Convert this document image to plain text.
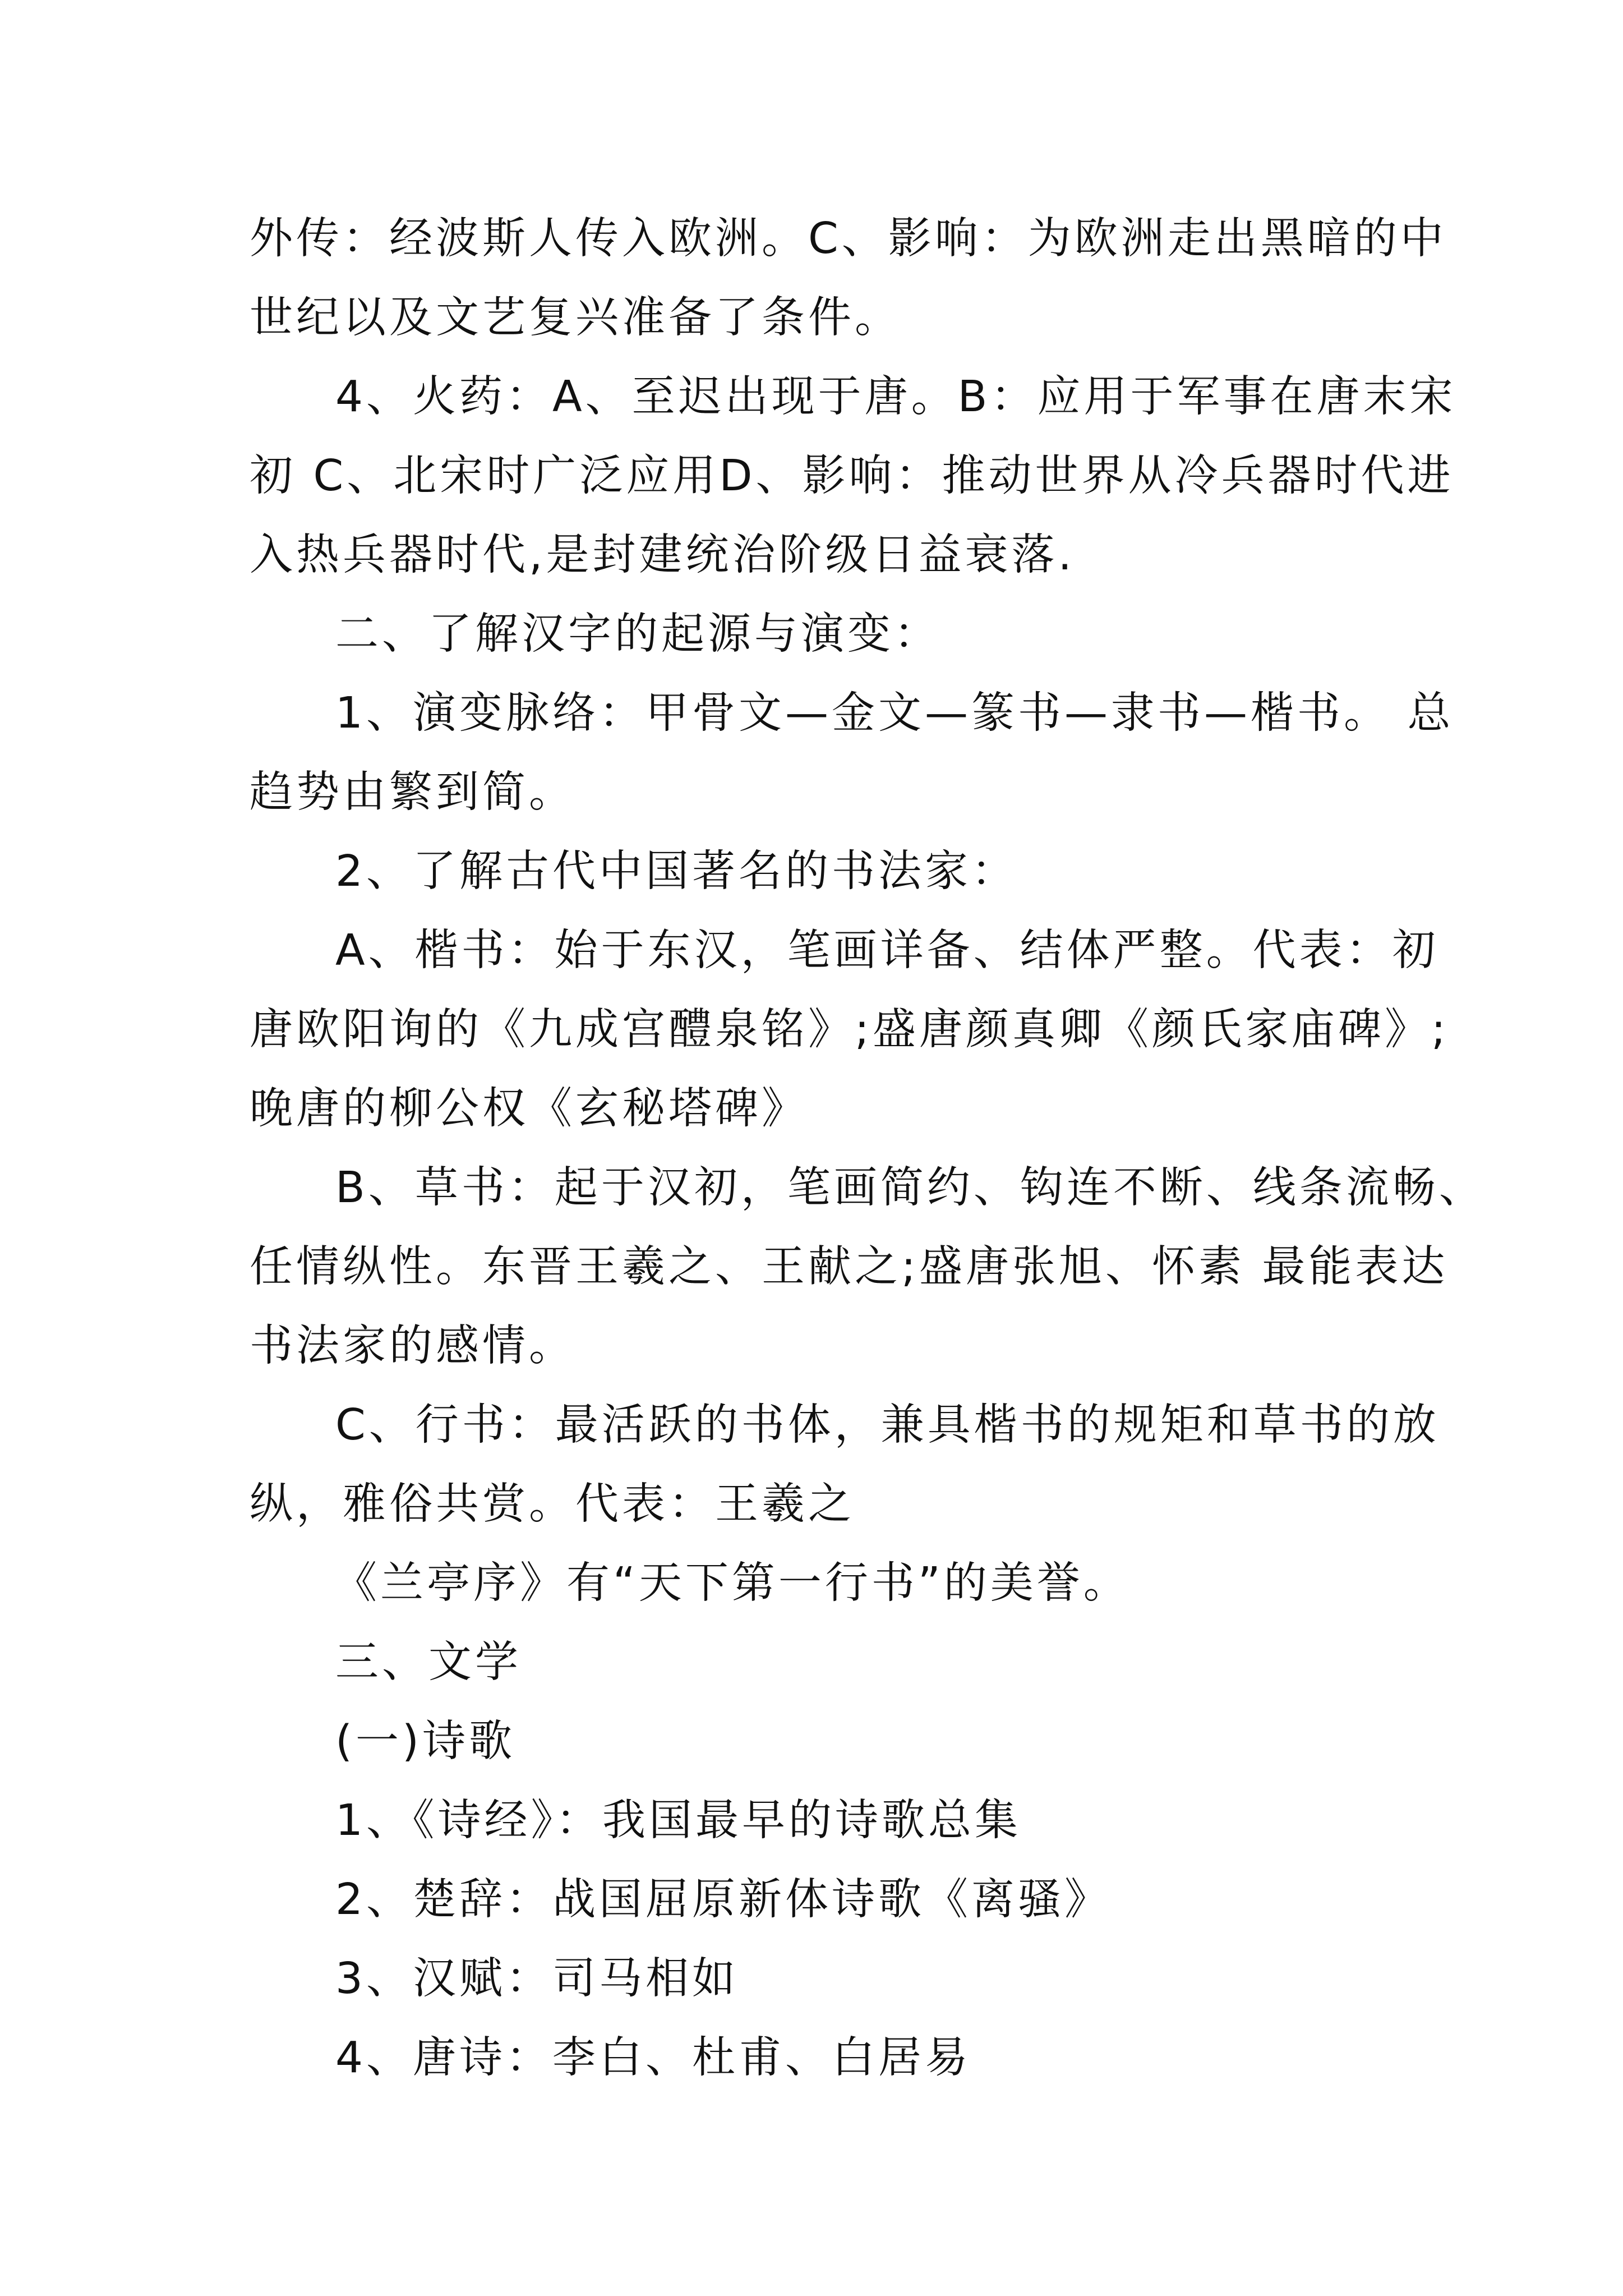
外传：经波斯人传入欧洲。C、影响：为欧洲走出黑暗的中
世纪以及文艺复兴准备了条件。
4、火药：A、至迟出现于唐。B：应用于军事在唐末宋
初 C、北宋时广泛应用D、影响：推动世界从冷兵器时代进
入热兵器时代,是封建统治阶级日益衰落.
二、了解汉字的起源与演变：
1、演变脉络：甲骨文—金文—篆书—隶书—楷书。 总
趋势由繁到简。
2、了解古代中国著名的书法家：
A、楷书：始于东汉，笔画详备、结体严整。代表：初
唐欧阳询的《九成宫醴泉铭》;盛唐颜真卿《颜氏家庙碑》;
晚唐的柳公权《玄秘塔碑》
B、草书：起于汉初，笔画简约、钩连不断、线条流畅、
任情纵性。东晋王羲之、王献之;盛唐张旭、怀素 最能表达
书法家的感情。
C、行书：最活跃的书体，兼具楷书的规矩和草书的放
纵，雅俗共赏。代表：王羲之
《兰亭序》有“天下第一行书”的美誉。
三、文学
(一)诗歌
1、《诗经》：我国最早的诗歌总集
2、楚辞：战国屈原新体诗歌《离骚》
3、汉赋：司马相如
4、唐诗：李白、杜甫、白居易
